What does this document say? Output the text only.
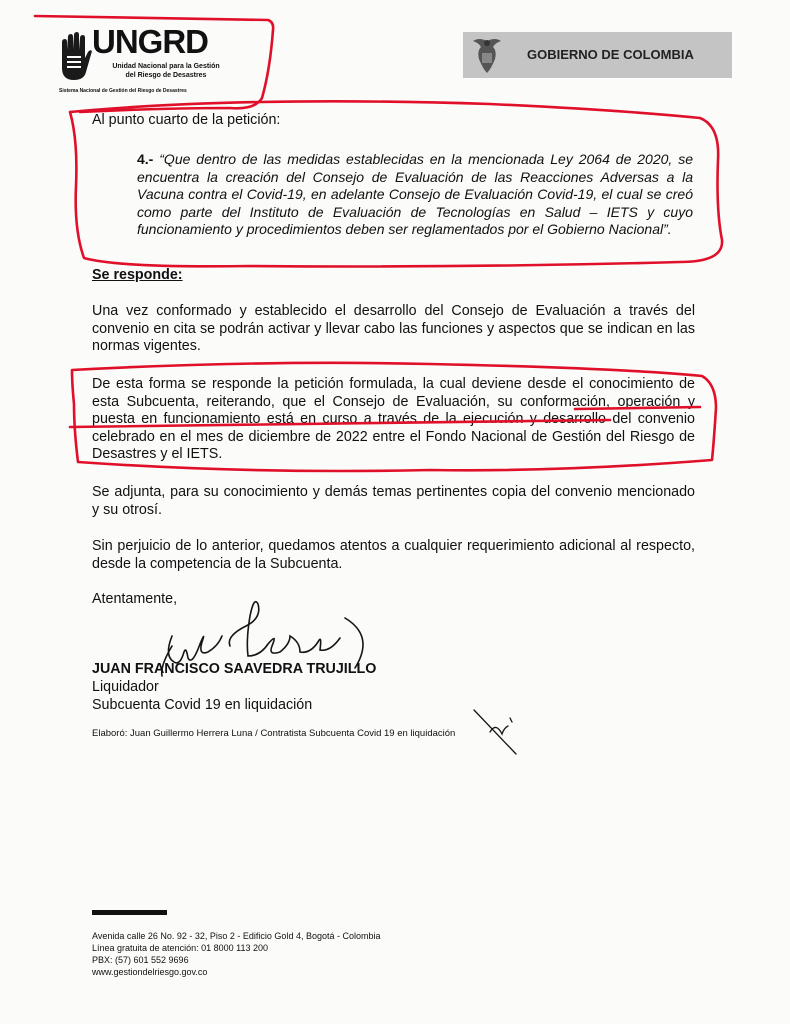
UNGRD
Unidad Nacional para la Gestión
del Riesgo de Desastres
Sistema Nacional de Gestión del Riesgo de Desastres
GOBIERNO DE COLOMBIA
Al punto cuarto de la petición:
4.- “Que dentro de las medidas establecidas en la mencionada Ley 2064 de 2020, se encuentra la creación del Consejo de Evaluación de las Reacciones Adversas a la Vacuna contra el Covid-19, en adelante Consejo de Evaluación Covid-19, el cual se creó como parte del Instituto de Evaluación de Tecnologías en Salud – IETS y cuyo funcionamiento y procedimientos deben ser reglamentados por el Gobierno Nacional”.
Se responde:
Una vez conformado y establecido el desarrollo del Consejo de Evaluación a través del convenio en cita se podrán activar y llevar cabo las funciones y aspectos que se indican en las normas vigentes.
De esta forma se responde la petición formulada, la cual deviene desde el conocimiento de esta Subcuenta, reiterando, que el Consejo de Evaluación, su conformación, operación y puesta en funcionamiento está en curso a través de la ejecución y desarrollo del convenio celebrado en el mes de diciembre de 2022 entre el Fondo Nacional de Gestión del Riesgo de Desastres y el IETS.
Se adjunta, para su conocimiento y demás temas pertinentes copia del convenio mencionado y su otrosí.
Sin perjuicio de lo anterior, quedamos atentos a cualquier requerimiento adicional al respecto, desde la competencia de la Subcuenta.
Atentamente,
JUAN FRANCISCO SAAVEDRA TRUJILLO
Liquidador
Subcuenta Covid 19 en liquidación
Elaboró: Juan Guillermo Herrera Luna / Contratista Subcuenta Covid 19 en liquidación
Avenida calle 26 No. 92 - 32, Piso 2 - Edificio Gold 4, Bogotá - Colombia
Línea gratuita de atención: 01 8000 113 200
PBX: (57) 601 552 9696
www.gestiondelriesgo.gov.co
